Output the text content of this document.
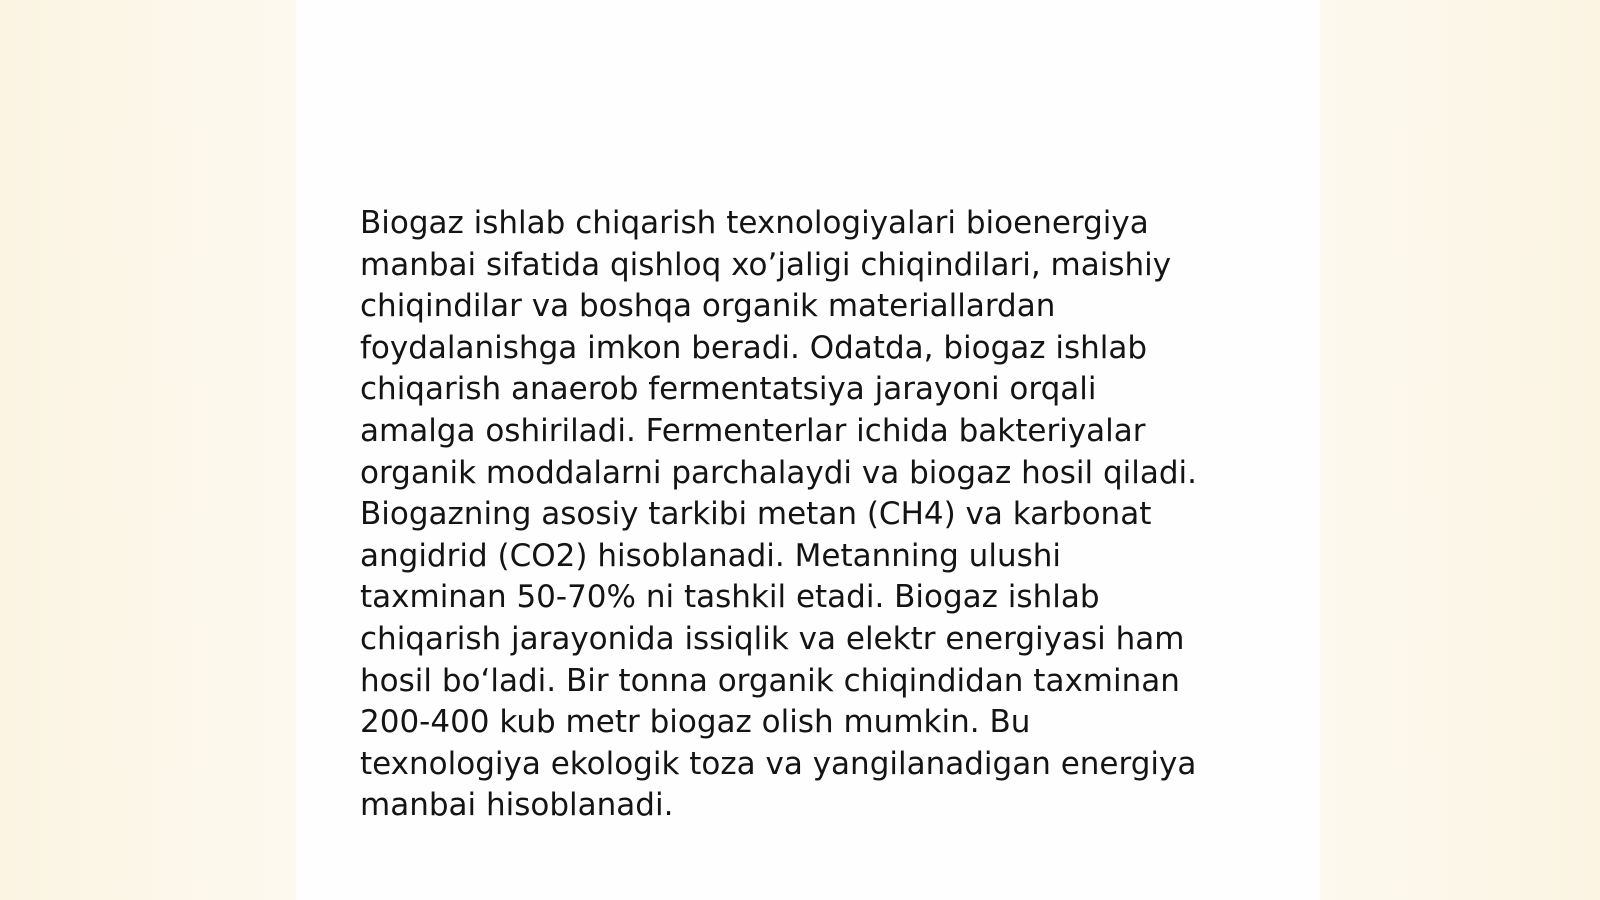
Biogaz ishlab chiqarish texnologiyalari bioenergiya
manbai sifatida qishloq xo’jaligi chiqindilari, maishiy
chiqindilar va boshqa organik materiallardan
foydalanishga imkon beradi. Odatda, biogaz ishlab
chiqarish anaerob fermentatsiya jarayoni orqali
amalga oshiriladi. Fermenterlar ichida bakteriyalar
organik moddalarni parchalaydi va biogaz hosil qiladi.
Biogazning asosiy tarkibi metan (CH4) va karbonat
angidrid (CO2) hisoblanadi. Metanning ulushi
taxminan 50-70% ni tashkil etadi. Biogaz ishlab
chiqarish jarayonida issiqlik va elektr energiyasi ham
hosil bo‘ladi. Bir tonna organik chiqindidan taxminan
200-400 kub metr biogaz olish mumkin. Bu
texnologiya ekologik toza va yangilanadigan energiya
manbai hisoblanadi.
